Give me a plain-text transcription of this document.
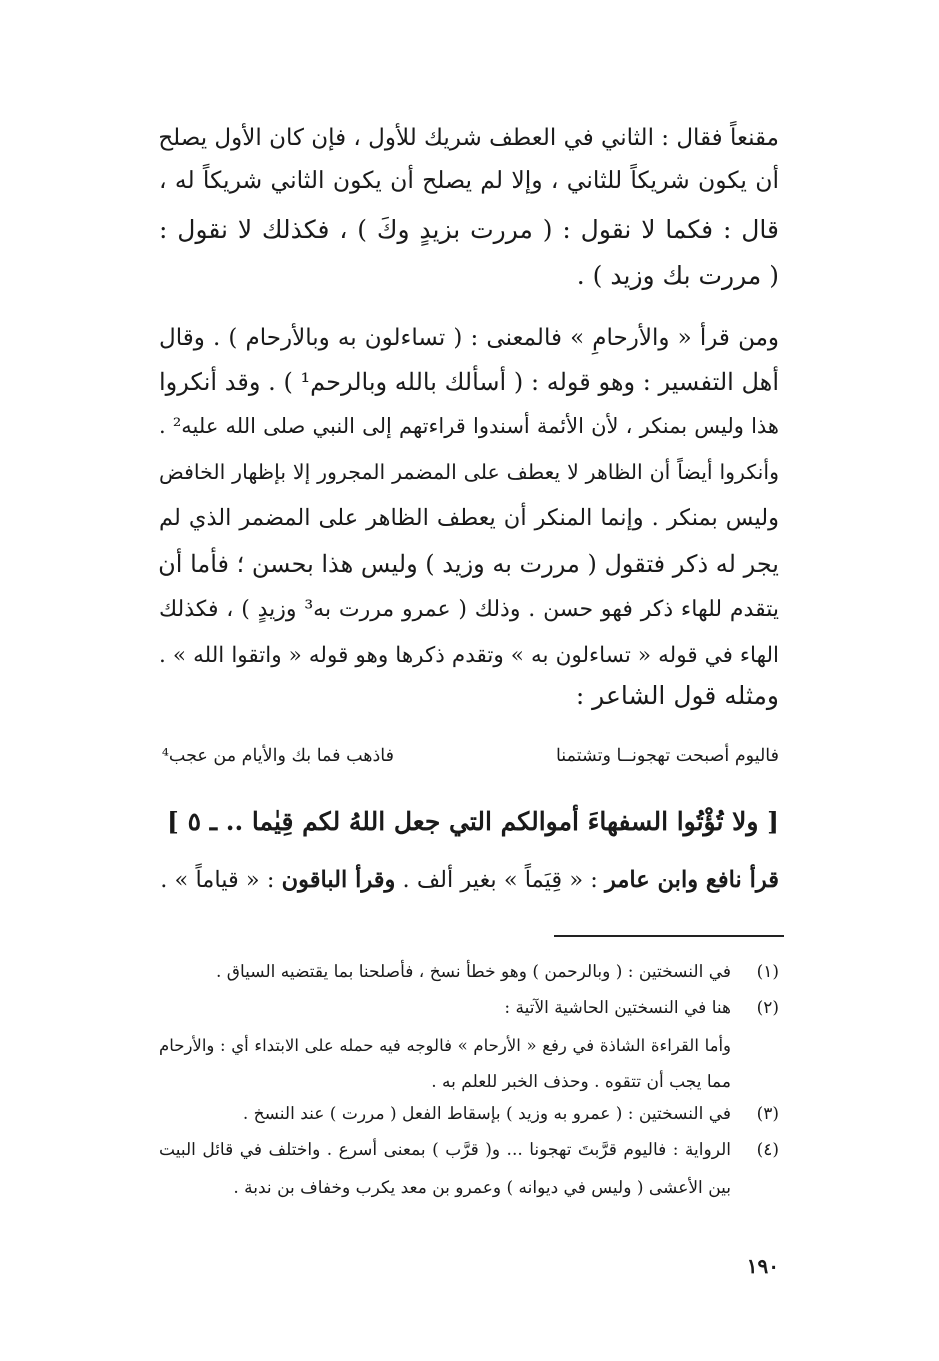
مقنعاً فقال : الثاني في العطف شريك للأول ، فإن كان الأول يصلح
أن يكون شريكاً للثاني ، وإلا لم يصلح أن يكون الثاني شريكاً له ،
قال : فكما لا نقول : ( مررت بزيدٍ وكَ ) ، فكذلك لا نقول :
( مررت بك وزيد ) .
ومن قرأ « والأرحامِ » فالمعنى : ( تساءلون به وبالأرحام ) . وقال
أهل التفسير : وهو قوله : ( أسألك بالله وبالرحم¹ ) . وقد أنكروا
هذا وليس بمنكر ، لأن الأئمة أسندوا قراءتهم إلى النبي صلى الله عليه² .
وأنكروا أيضاً أن الظاهر لا يعطف على المضمر المجرور إلا بإظهار الخافض
وليس بمنكر . وإنما المنكر أن يعطف الظاهر على المضمر الذي لم
يجر له ذكر فتقول ( مررت به وزيد ) وليس هذا بحسن ؛ فأما أن
يتقدم للهاء ذكر فهو حسن . وذلك ( عمرو مررت به³ وزيدٍ ) ، فكذلك
الهاء في قوله « تساءلون به » وتقدم ذكرها وهو قوله « واتقوا الله » .
ومثله قول الشاعر :
فاليوم أصبحت تهجونــا وتشتمنا
فاذهب فما بك والأيام من عجب⁴
[ ولا تُؤْتُوا السفهاءَ أموالكم التي جعل اللهُ لكم قِيٰما .. ـ ٥ ]
قرأ نافع وابن عامر : « قِيَماً » بغير ألف . وقرأ الباقون : « قياماً » .
(١)
في النسختين : ( وبالرحمن ) وهو خطأ نسخ ، فأصلحنا بما يقتضيه السياق .
(٢)
هنا في النسختين الحاشية الآتية :
وأما القراءة الشاذة في رفع « الأرحام » فالوجه فيه حمله على الابتداء أي : والأرحام
مما يجب أن تتقوه . وحذف الخبر للعلم به .
(٣)
في النسختين : ( عمرو به وزيد ) بإسقاط الفعل ( مررت ) عند النسخ .
(٤)
الرواية : فاليوم قرَّبتَ تهجونا ... و( قرَّب ) بمعنى أسرع . واختلف في قائل البيت
بين الأعشى ( وليس في ديوانه ) وعمرو بن معد يكرب وخفاف بن ندبة .
١٩٠
